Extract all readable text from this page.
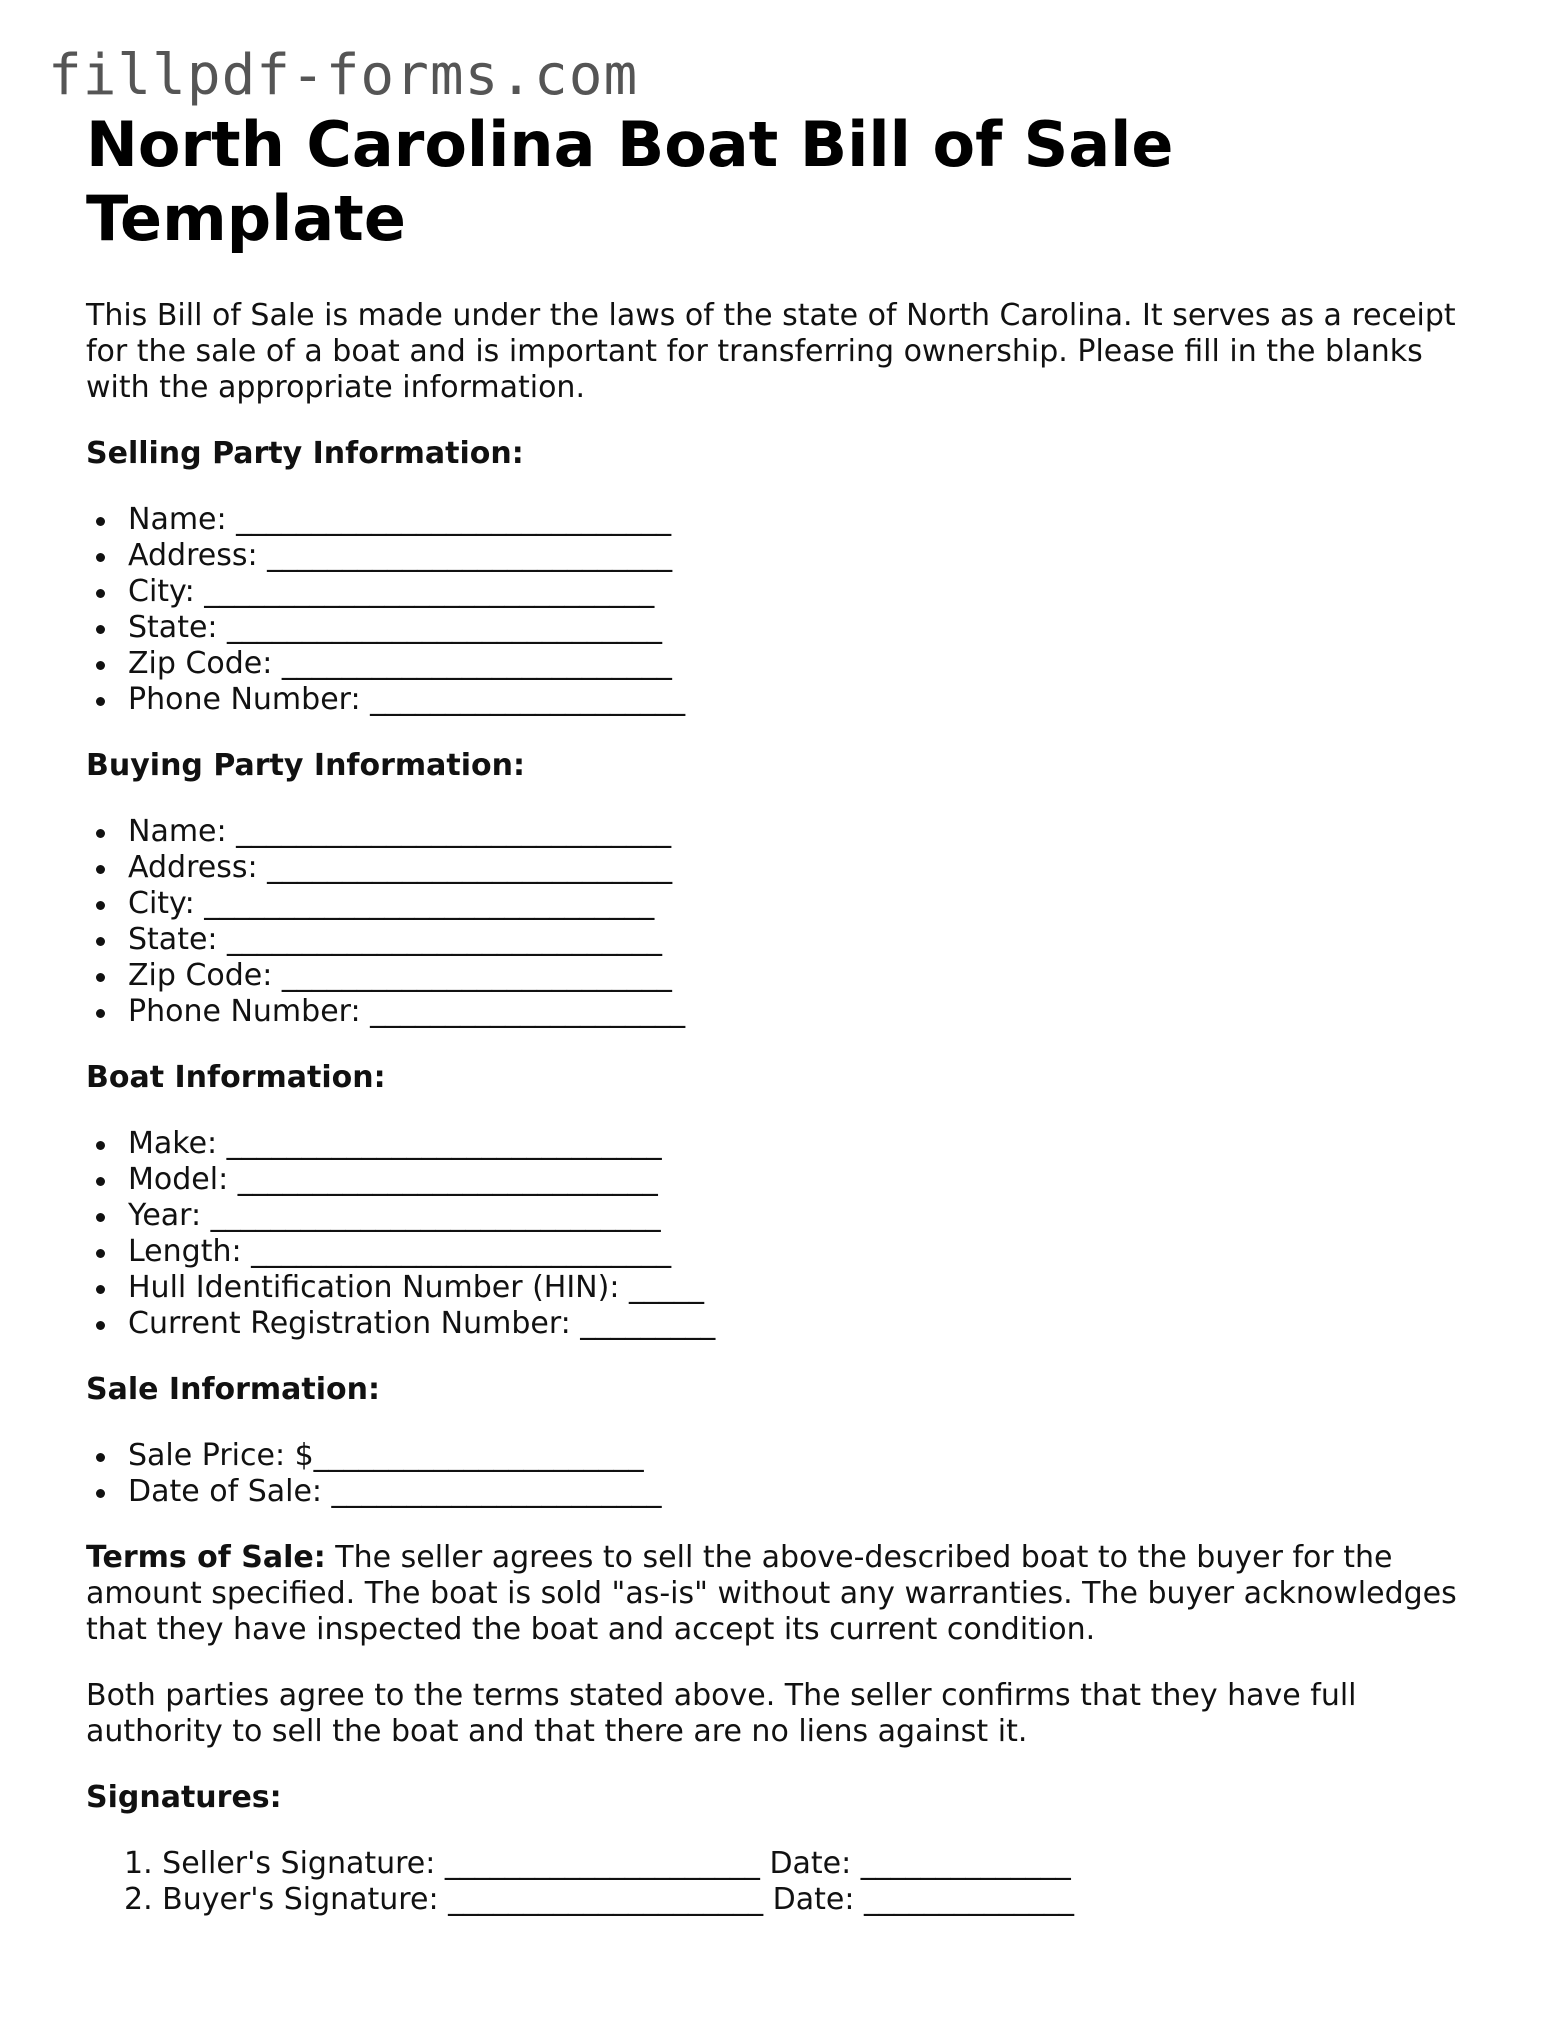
fillpdf-forms.com
North Carolina Boat Bill of Sale Template

This Bill of Sale is made under the laws of the state of North Carolina. It serves as a receipt for the sale of a boat and is important for transferring ownership. Please fill in the blanks with the appropriate information.

Selling Party Information:
Name: _____________________________
Address: ___________________________
City: ______________________________
State: _____________________________
Zip Code: __________________________
Phone Number: _____________________
Buying Party Information:
Name: _____________________________
Address: ___________________________
City: ______________________________
State: _____________________________
Zip Code: __________________________
Phone Number: _____________________
Boat Information:
Make: _____________________________
Model: ____________________________
Year: ______________________________
Length: ____________________________
Hull Identification Number (HIN): _____
Current Registration Number: _________
Sale Information:
Sale Price: $______________________
Date of Sale: ______________________

Terms of Sale: The seller agrees to sell the above-described boat to the buyer for the amount specified. The boat is sold "as-is" without any warranties. The buyer acknowledges that they have inspected the boat and accept its current condition.

Both parties agree to the terms stated above. The seller confirms that they have full authority to sell the boat and that there are no liens against it.

Signatures:
1. Seller's Signature: _____________________ Date: ______________
2. Buyer's Signature: _____________________ Date: ______________
